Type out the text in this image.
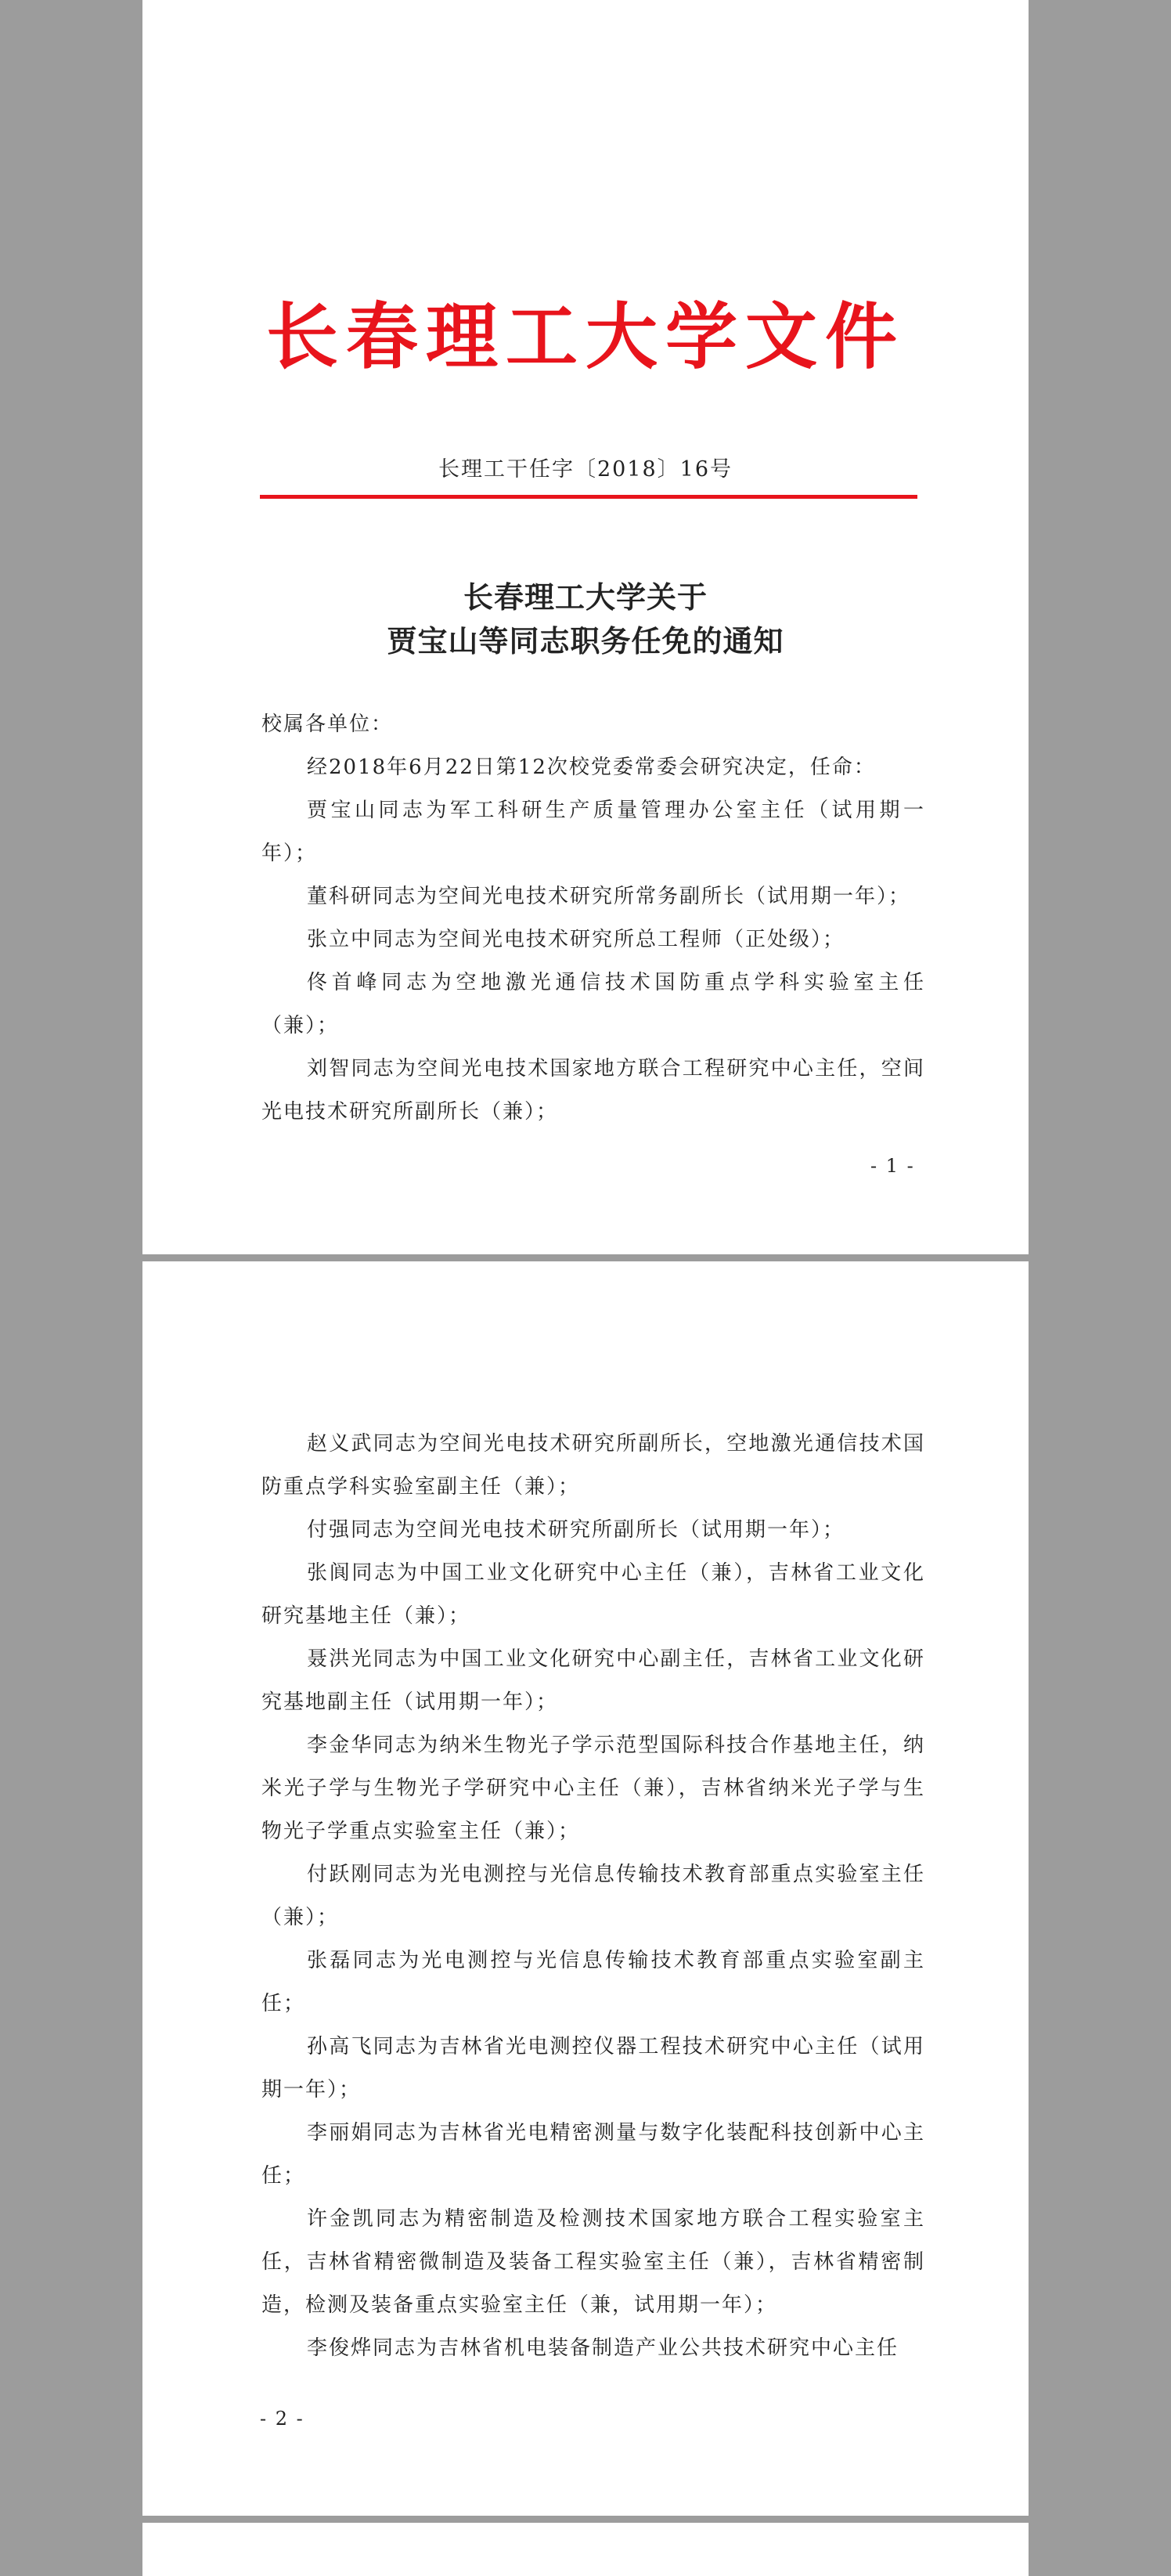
长春理工大学文件
长理工干任字〔2018〕16号
长春理工大学关于
贾宝山等同志职务任免的通知

校属各单位：

经2018年6月22日第12次校党委常委会研究决定，任命：

贾宝山同志为军工科研生产质量管理办公室主任（试用期一年）；

董科研同志为空间光电技术研究所常务副所长（试用期一年）；

张立中同志为空间光电技术研究所总工程师（正处级）；

佟首峰同志为空地激光通信技术国防重点学科实验室主任（兼）；

刘智同志为空间光电技术国家地方联合工程研究中心主任，空间光电技术研究所副所长（兼）；

- 1 -

赵义武同志为空间光电技术研究所副所长，空地激光通信技术国防重点学科实验室副主任（兼）；

付强同志为空间光电技术研究所副所长（试用期一年）；

张阆同志为中国工业文化研究中心主任（兼），吉林省工业文化研究基地主任（兼）；

聂洪光同志为中国工业文化研究中心副主任，吉林省工业文化研究基地副主任（试用期一年）；

李金华同志为纳米生物光子学示范型国际科技合作基地主任，纳米光子学与生物光子学研究中心主任（兼），吉林省纳米光子学与生物光子学重点实验室主任（兼）；

付跃刚同志为光电测控与光信息传输技术教育部重点实验室主任（兼）；

张磊同志为光电测控与光信息传输技术教育部重点实验室副主任；

孙高飞同志为吉林省光电测控仪器工程技术研究中心主任（试用期一年）；

李丽娟同志为吉林省光电精密测量与数字化装配科技创新中心主任；

许金凯同志为精密制造及检测技术国家地方联合工程实验室主任，吉林省精密微制造及装备工程实验室主任（兼），吉林省精密制造，检测及装备重点实验室主任（兼，试用期一年）；

李俊烨同志为吉林省机电装备制造产业公共技术研究中心主任

- 2 -
